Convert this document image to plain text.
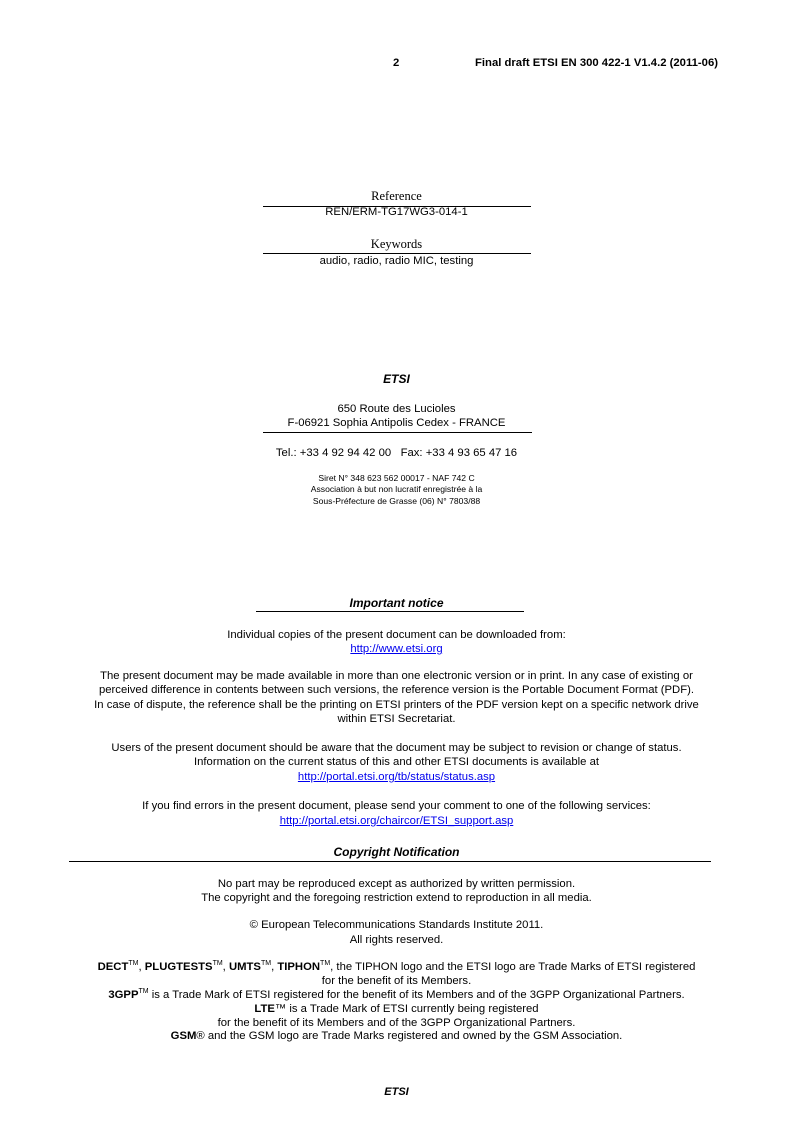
2	Final draft ETSI EN 300 422-1 V1.4.2 (2011-06)
Reference
REN/ERM-TG17WG3-014-1
Keywords
audio, radio, radio MIC, testing
ETSI
650 Route des Lucioles
F-06921 Sophia Antipolis Cedex - FRANCE
Tel.: +33 4 92 94 42 00   Fax: +33 4 93 65 47 16
Siret N° 348 623 562 00017 - NAF 742 C
Association à but non lucratif enregistrée à la
Sous-Préfecture de Grasse (06) N° 7803/88
Important notice
Individual copies of the present document can be downloaded from:
http://www.etsi.org
The present document may be made available in more than one electronic version or in print. In any case of existing or
perceived difference in contents between such versions, the reference version is the Portable Document Format (PDF).
In case of dispute, the reference shall be the printing on ETSI printers of the PDF version kept on a specific network drive
within ETSI Secretariat.
Users of the present document should be aware that the document may be subject to revision or change of status.
Information on the current status of this and other ETSI documents is available at
http://portal.etsi.org/tb/status/status.asp
If you find errors in the present document, please send your comment to one of the following services:
http://portal.etsi.org/chaircor/ETSI_support.asp
Copyright Notification
No part may be reproduced except as authorized by written permission.
The copyright and the foregoing restriction extend to reproduction in all media.
© European Telecommunications Standards Institute 2011.
All rights reserved.
DECT™, PLUGTESTS™, UMTS™, TIPHON™, the TIPHON logo and the ETSI logo are Trade Marks of ETSI registered
for the benefit of its Members.
3GPP™ is a Trade Mark of ETSI registered for the benefit of its Members and of the 3GPP Organizational Partners.
LTE™ is a Trade Mark of ETSI currently being registered
for the benefit of its Members and of the 3GPP Organizational Partners.
GSM® and the GSM logo are Trade Marks registered and owned by the GSM Association.
ETSI
